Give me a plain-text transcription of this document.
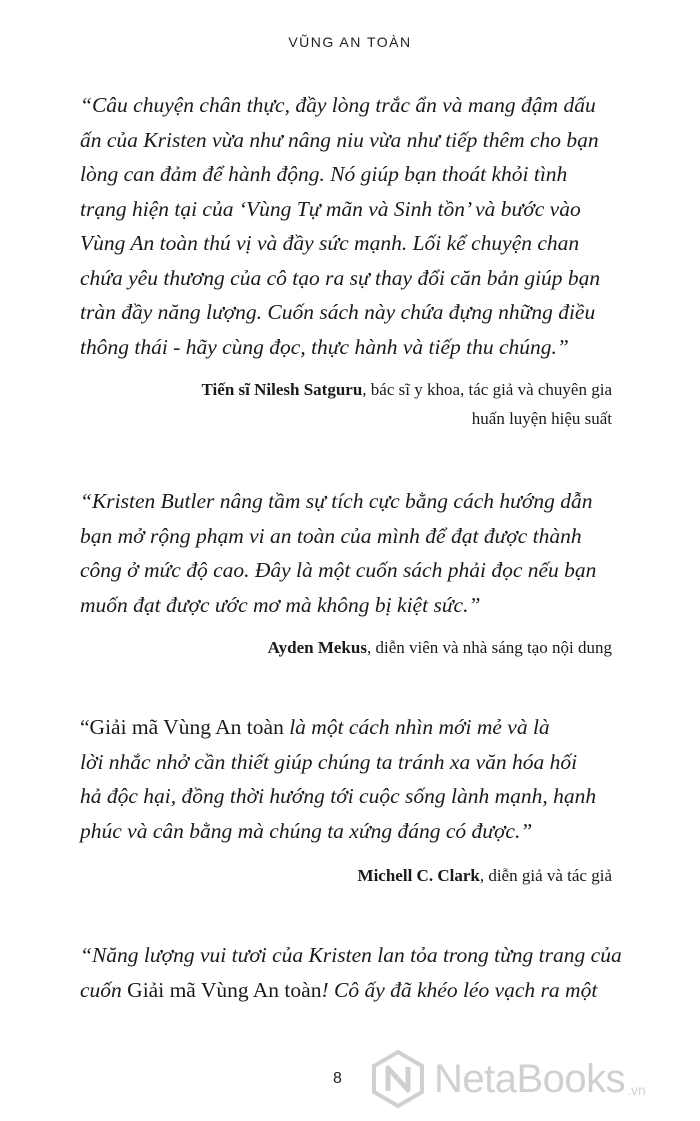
VŨNG AN TOÀN
“Câu chuyện chân thực, đầy lòng trắc ẩn và mang đậm dấu
ấn của Kristen vừa như nâng niu vừa như tiếp thêm cho bạn
lòng can đảm để hành động. Nó giúp bạn thoát khỏi tình
trạng hiện tại của ‘Vùng Tự mãn và Sinh tồn’ và bước vào
Vùng An toàn thú vị và đầy sức mạnh. Lối kể chuyện chan
chứa yêu thương của cô tạo ra sự thay đổi căn bản giúp bạn
tràn đầy năng lượng. Cuốn sách này chứa đựng những điều
thông thái - hãy cùng đọc, thực hành và tiếp thu chúng.”
Tiến sĩ Nilesh Satguru, bác sĩ y khoa, tác giả và chuyên gia
huấn luyện hiệu suất
“Kristen Butler nâng tầm sự tích cực bằng cách hướng dẫn
bạn mở rộng phạm vi an toàn của mình để đạt được thành
công ở mức độ cao. Đây là một cuốn sách phải đọc nếu bạn
muốn đạt được ước mơ mà không bị kiệt sức.”
Ayden Mekus, diễn viên và nhà sáng tạo nội dung
“Giải mã Vùng An toàn là một cách nhìn mới mẻ và là
lời nhắc nhở cần thiết giúp chúng ta tránh xa văn hóa hối
hả độc hại, đồng thời hướng tới cuộc sống lành mạnh, hạnh
phúc và cân bằng mà chúng ta xứng đáng có được.”
Michell C. Clark, diễn giả và tác giả
“Năng lượng vui tươi của Kristen lan tỏa trong từng trang của
cuốn Giải mã Vùng An toàn! Cô ấy đã khéo léo vạch ra một
8 NetaBooks .vn
